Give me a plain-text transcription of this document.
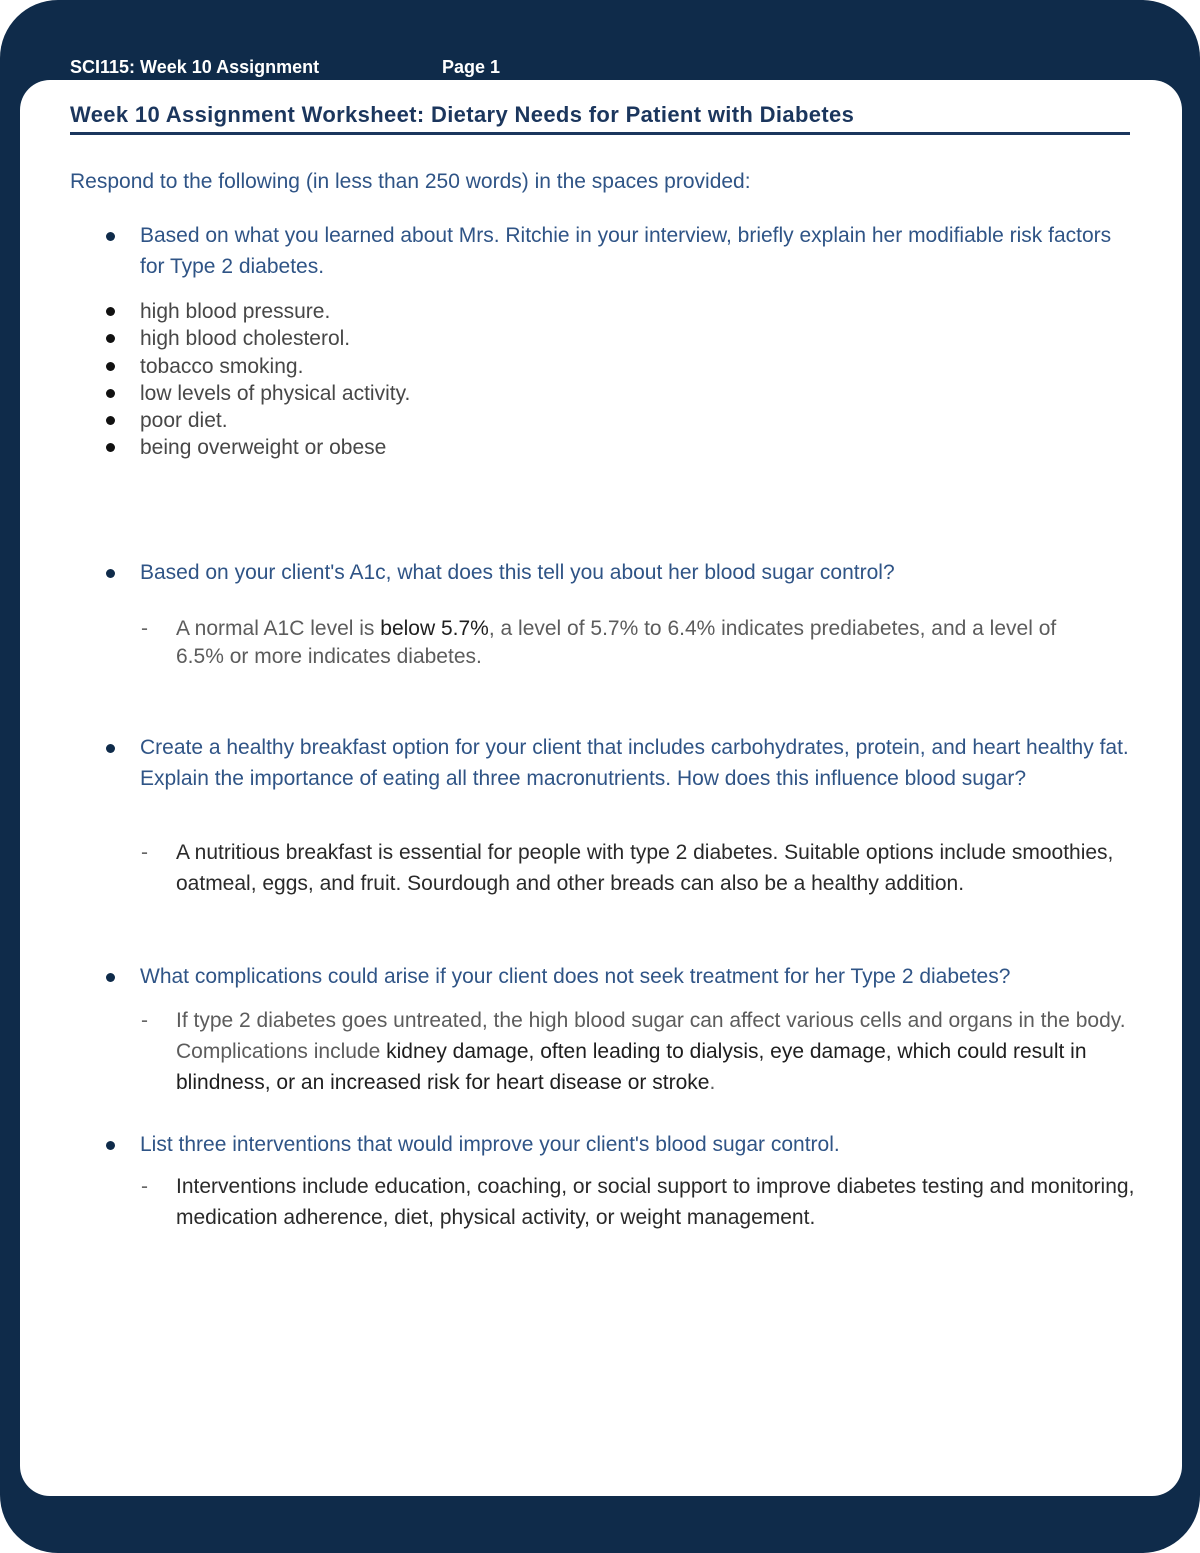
SCI115: Week 10 Assignment	Page 1
Week 10 Assignment Worksheet: Dietary Needs for Patient with Diabetes
Respond to the following (in less than 250 words) in the spaces provided:
Based on what you learned about Mrs. Ritchie in your interview, briefly explain her modifiable risk factors for Type 2 diabetes.
high blood pressure.
high blood cholesterol.
tobacco smoking.
low levels of physical activity.
poor diet.
being overweight or obese
Based on your client's A1c, what does this tell you about her blood sugar control?
- A normal A1C level is below 5.7%, a level of 5.7% to 6.4% indicates prediabetes, and a level of 6.5% or more indicates diabetes.
Create a healthy breakfast option for your client that includes carbohydrates, protein, and heart healthy fat. Explain the importance of eating all three macronutrients. How does this influence blood sugar?
- A nutritious breakfast is essential for people with type 2 diabetes. Suitable options include smoothies, oatmeal, eggs, and fruit. Sourdough and other breads can also be a healthy addition.
What complications could arise if your client does not seek treatment for her Type 2 diabetes?
- If type 2 diabetes goes untreated, the high blood sugar can affect various cells and organs in the body. Complications include kidney damage, often leading to dialysis, eye damage, which could result in blindness, or an increased risk for heart disease or stroke.
List three interventions that would improve your client's blood sugar control.
- Interventions include education, coaching, or social support to improve diabetes testing and monitoring, medication adherence, diet, physical activity, or weight management.
